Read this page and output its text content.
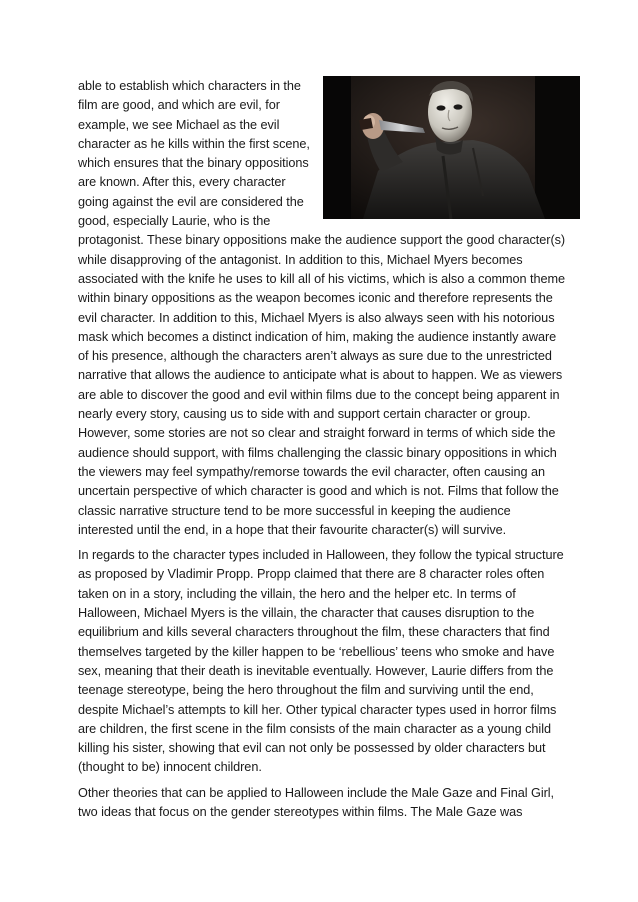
able to establish which characters in the film are good, and which are evil, for example, we see Michael as the evil character as he kills within the first scene, which ensures that the binary oppositions are known. After this, every character going against the evil are considered the good, especially Laurie, who is the protagonist. These binary oppositions make the audience support the good character(s) while disapproving of the antagonist. In addition to this, Michael Myers becomes associated with the knife he uses to kill all of his victims, which is also a common theme within binary oppositions as the weapon becomes iconic and therefore represents the evil character. In addition to this, Michael Myers is also always seen with his notorious mask which becomes a distinct indication of him, making the audience instantly aware of his presence, although the characters aren’t always as sure due to the unrestricted narrative that allows the audience to anticipate what is about to happen. We as viewers are able to discover the good and evil within films due to the concept being apparent in nearly every story, causing us to side with and support certain character or group. However, some stories are not so clear and straight forward in terms of which side the audience should support, with films challenging the classic binary oppositions in which the viewers may feel sympathy/remorse towards the evil character, often causing an uncertain perspective of which character is good and which is not. Films that follow the classic narrative structure tend to be more successful in keeping the audience interested until the end, in a hope that their favourite character(s) will survive.

In regards to the character types included in Halloween, they follow the typical structure as proposed by Vladimir Propp. Propp claimed that there are 8 character roles often taken on in a story, including the villain, the hero and the helper etc. In terms of Halloween, Michael Myers is the villain, the character that causes disruption to the equilibrium and kills several characters throughout the film, these characters that find themselves targeted by the killer happen to be ‘rebellious’ teens who smoke and have sex, meaning that their death is inevitable eventually. However, Laurie differs from the teenage stereotype, being the hero throughout the film and surviving until the end, despite Michael’s attempts to kill her. Other typical character types used in horror films are children, the first scene in the film consists of the main character as a young child killing his sister, showing that evil can not only be possessed by older characters but (thought to be) innocent children.

Other theories that can be applied to Halloween include the Male Gaze and Final Girl, two ideas that focus on the gender stereotypes within films. The Male Gaze was
